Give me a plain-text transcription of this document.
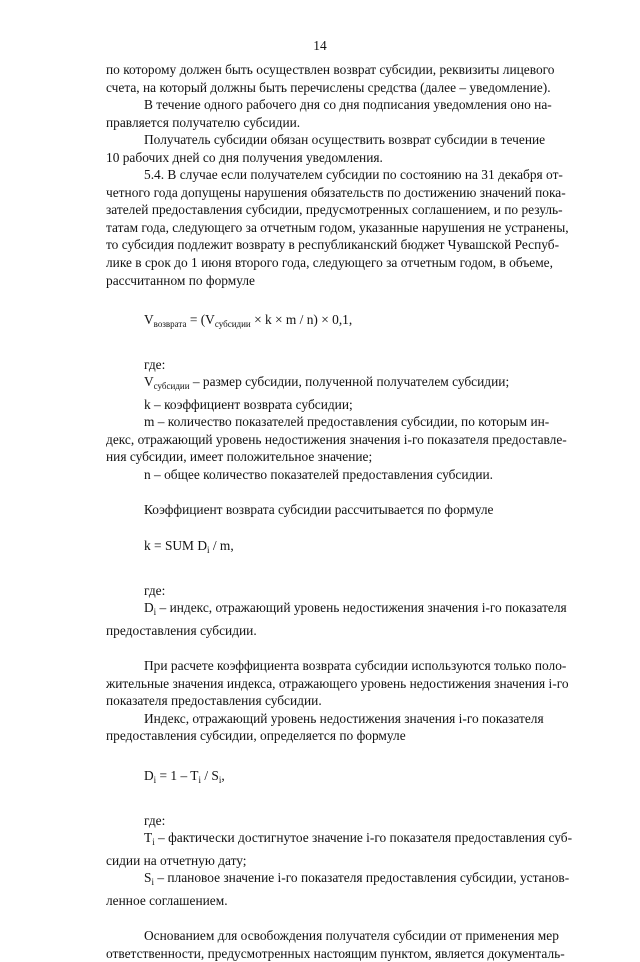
14

по которому должен быть осуществлен возврат субсидии, реквизиты лицевого
счета, на который должны быть перечислены средства (далее – уведомление).

В течение одного рабочего дня со дня подписания уведомления оно на-
правляется получателю субсидии.

Получатель субсидии обязан осуществить возврат субсидии в течение
10 рабочих дней со дня получения уведомления.

5.4. В случае если получателем субсидии по состоянию на 31 декабря от-
четного года допущены нарушения обязательств по достижению значений пока-
зателей предоставления субсидии, предусмотренных соглашением, и по резуль-
татам года, следующего за отчетным годом, указанные нарушения не устранены,
то субсидия подлежит возврату в республиканский бюджет Чувашской Респуб-
лике в срок до 1 июня второго года, следующего за отчетным годом, в объеме,
рассчитанном по формуле

$V_{возврата} = (V_{субсидии} \times k \times m / n) \times 0,1$,

где:

$V_{субсидии}$ – размер субсидии, полученной получателем субсидии;

k – коэффициент возврата субсидии;

m – количество показателей предоставления субсидии, по которым ин-
декс, отражающий уровень недостижения значения i-го показателя предоставле-
ния субсидии, имеет положительное значение;

n – общее количество показателей предоставления субсидии.

Коэффициент возврата субсидии рассчитывается по формуле

k = SUM $D_i$ / m,

где:

$D_i$ – индекс, отражающий уровень недостижения значения i-го показателя
предоставления субсидии.

При расчете коэффициента возврата субсидии используются только поло-
жительные значения индекса, отражающего уровень недостижения значения i-го
показателя предоставления субсидии.

Индекс, отражающий уровень недостижения значения i-го показателя
предоставления субсидии, определяется по формуле

$D_i = 1 - T_i / S_i$,

где:

$T_i$ – фактически достигнутое значение i-го показателя предоставления суб-
сидии на отчетную дату;

$S_i$ – плановое значение i-го показателя предоставления субсидии, установ-
ленное соглашением.

Основанием для освобождения получателя субсидии от применения мер
ответственности, предусмотренных настоящим пунктом, является документаль-
